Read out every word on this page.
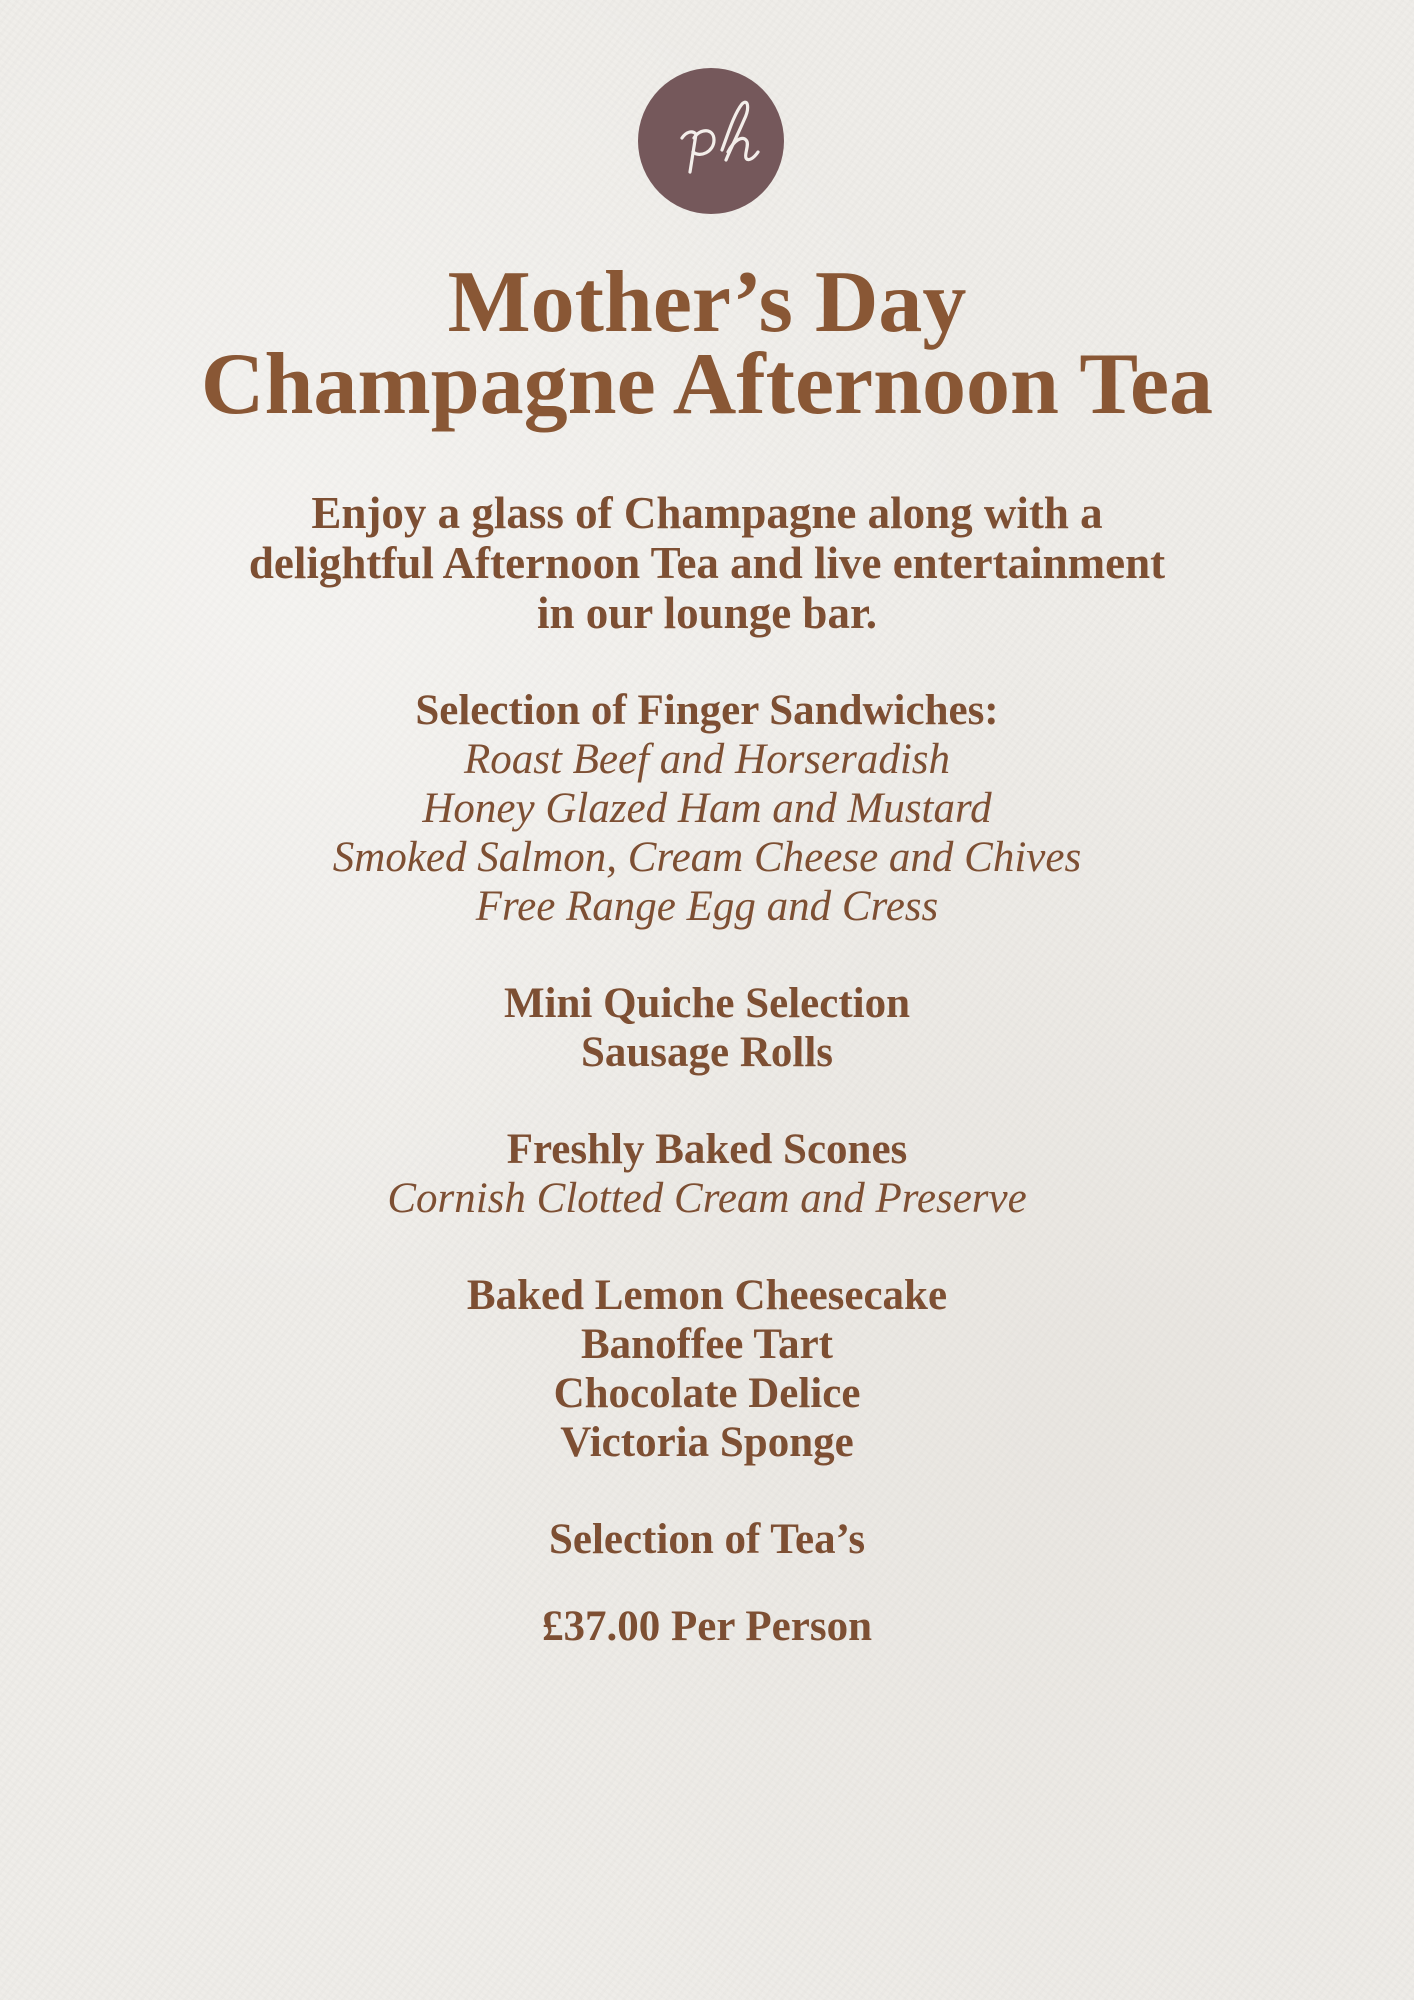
Mother’s Day
Champagne Afternoon Tea
Enjoy a glass of Champagne along with a
delightful Afternoon Tea and live entertainment
in our lounge bar.
Selection of Finger Sandwiches:
Roast Beef and Horseradish
Honey Glazed Ham and Mustard
Smoked Salmon, Cream Cheese and Chives
Free Range Egg and Cress
Mini Quiche Selection
Sausage Rolls
Freshly Baked Scones
Cornish Clotted Cream and Preserve
Baked Lemon Cheesecake
Banoffee Tart
Chocolate Delice
Victoria Sponge
Selection of Tea’s
£37.00 Per Person
